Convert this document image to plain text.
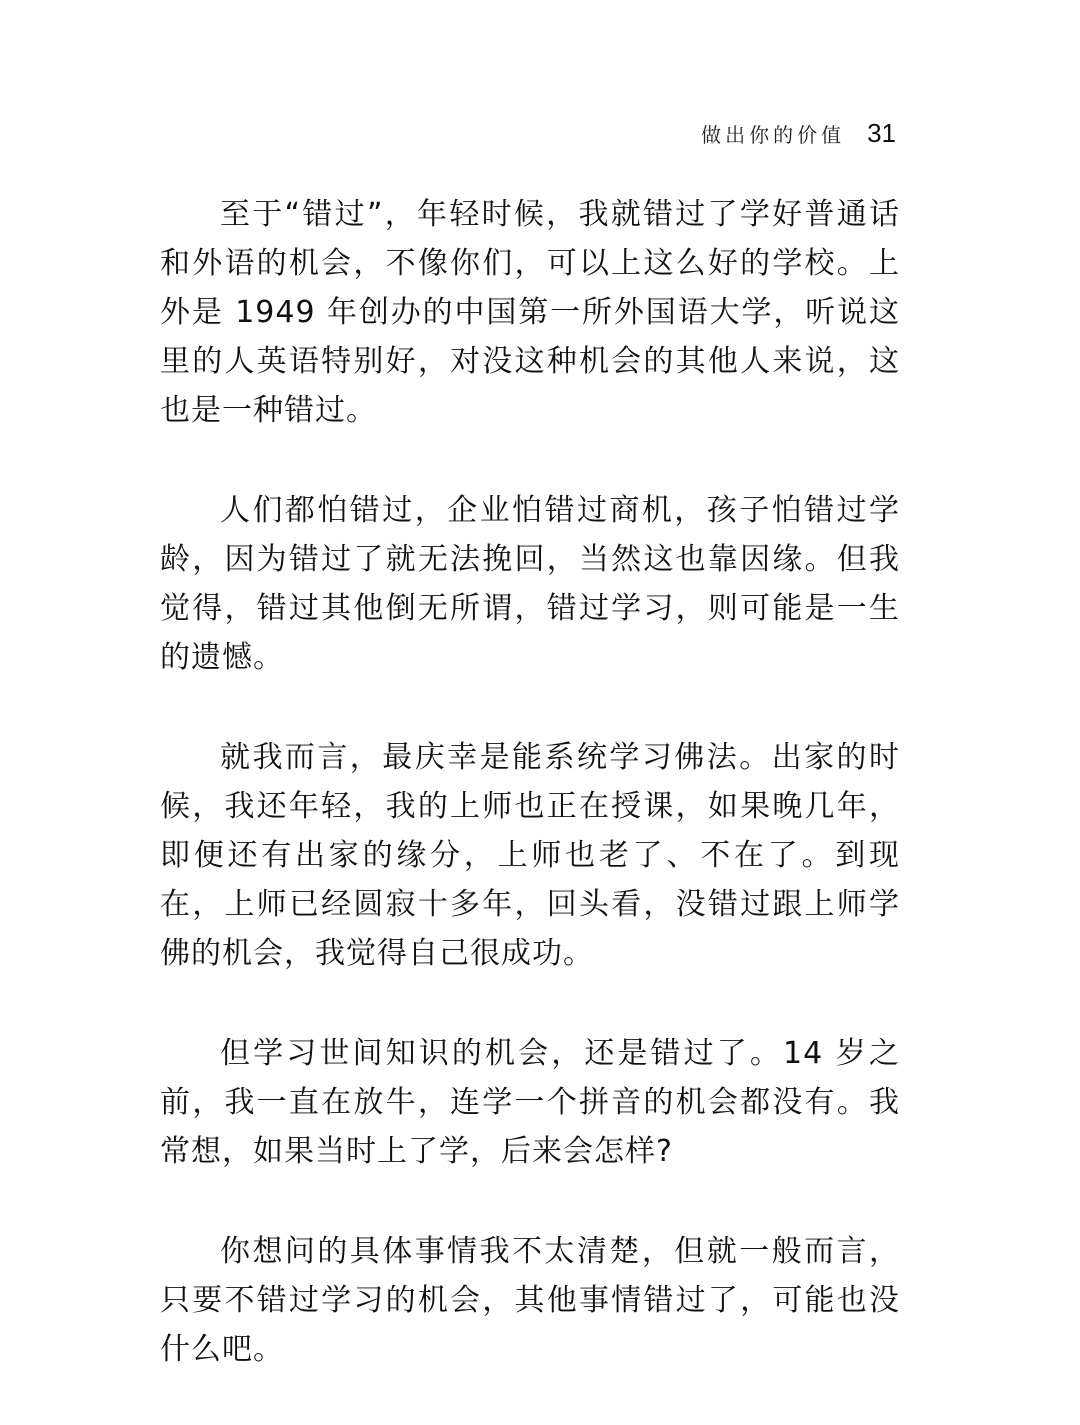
做出你的价值 31

至于“错过”，年轻时候，我就错过了学好普通话和外语的机会，不像你们，可以上这么好的学校。上外是 1949 年创办的中国第一所外国语大学，听说这里的人英语特别好，对没这种机会的其他人来说，这也是一种错过。

人们都怕错过，企业怕错过商机，孩子怕错过学龄，因为错过了就无法挽回，当然这也靠因缘。但我觉得，错过其他倒无所谓，错过学习，则可能是一生的遗憾。

就我而言，最庆幸是能系统学习佛法。出家的时候，我还年轻，我的上师也正在授课，如果晚几年，即便还有出家的缘分，上师也老了、不在了。到现在，上师已经圆寂十多年，回头看，没错过跟上师学佛的机会，我觉得自己很成功。

但学习世间知识的机会，还是错过了。14 岁之前，我一直在放牛，连学一个拼音的机会都没有。我常想，如果当时上了学，后来会怎样?

你想问的具体事情我不太清楚，但就一般而言，只要不错过学习的机会，其他事情错过了，可能也没什么吧。
